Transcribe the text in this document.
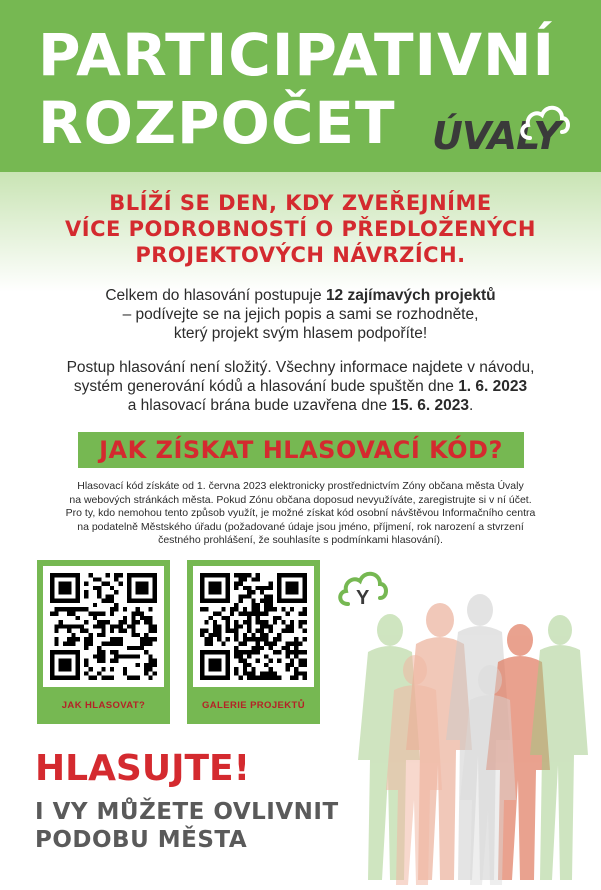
PARTICIPATIVNÍ
ROZPOČET ÚVALY
BLÍŽÍ SE DEN, KDY ZVEŘEJNÍME
VÍCE PODROBNOSTÍ O PŘEDLOŽENÝCH
PROJEKTOVÝCH NÁVRZÍCH.
Celkem do hlasování postupuje 12 zajímavých projektů
– podívejte se na jejich popis a sami se rozhodněte,
který projekt svým hlasem podpoříte!
Postup hlasování není složitý. Všechny informace najdete v návodu,
systém generování kódů a hlasování bude spuštěn dne 1. 6. 2023
a hlasovací brána bude uzavřena dne 15. 6. 2023.
JAK ZÍSKAT HLASOVACÍ KÓD?
Hlasovací kód získáte od 1. června 2023 elektronicky prostřednictvím Zóny občana města Úvaly
na webových stránkách města. Pokud Zónu občana doposud nevyužíváte, zaregistrujte si v ní účet.
Pro ty, kdo nemohou tento způsob využít, je možné získat kód osobní návštěvou Informačního centra
na podatelně Městského úřadu (požadované údaje jsou jméno, příjmení, rok narození a stvrzení
čestného prohlášení, že souhlasíte s podmínkami hlasování).
JAK HLASOVAT?	GALERIE PROJEKTŮ
Y
HLASUJTE!
I VY MŮŽETE OVLIVNIT
PODOBU MĚSTA
